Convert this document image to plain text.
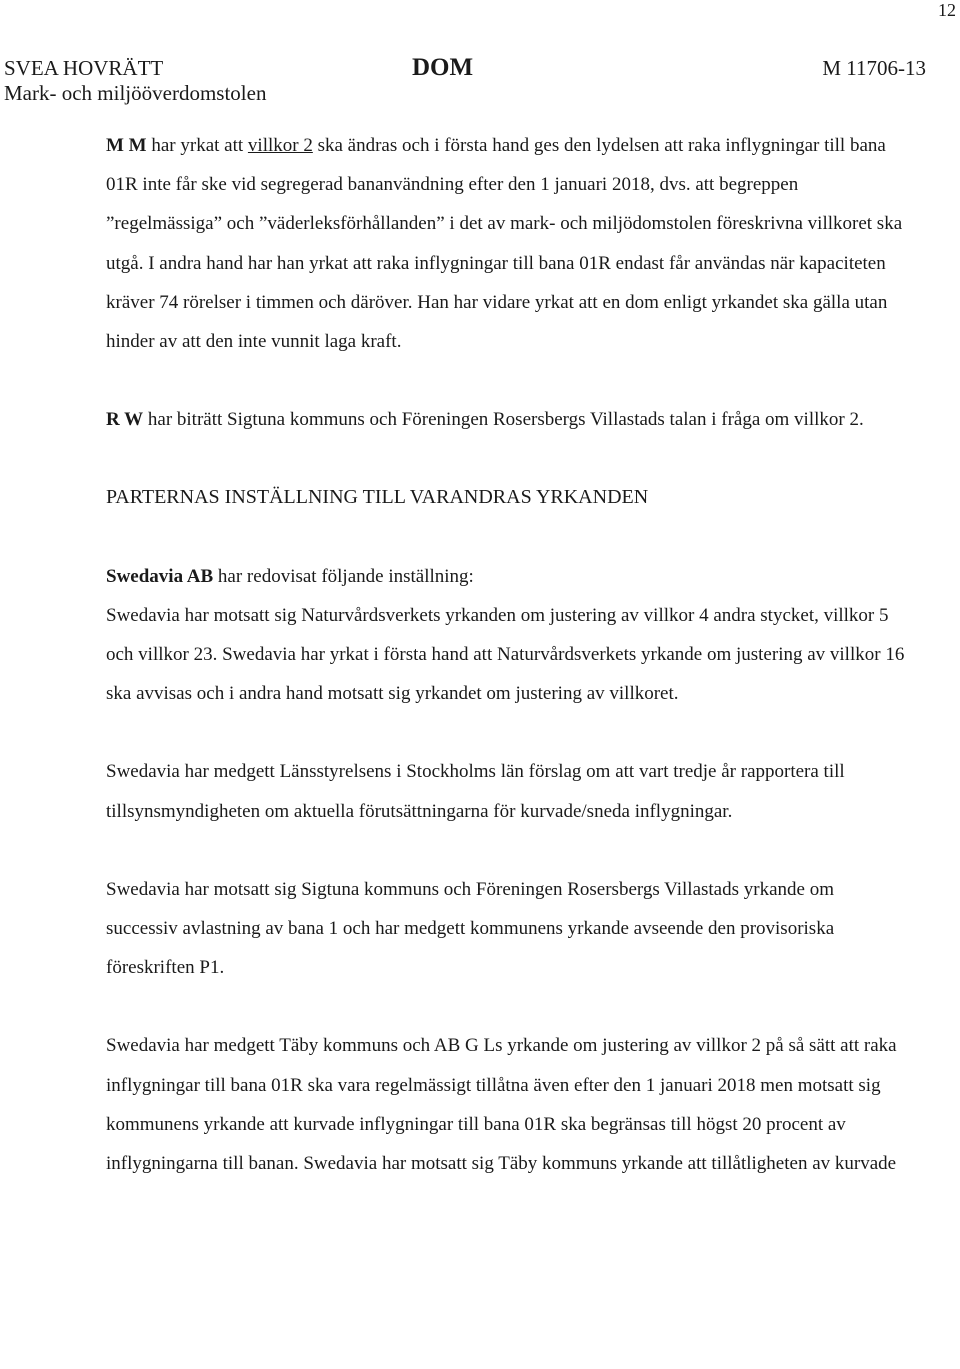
12
SVEA HOVRÄTT
Mark- och miljööverdomstolen
DOM	M 11706-13

M M har yrkat att villkor 2 ska ändras och i första hand ges den lydelsen att raka inflygningar till bana 01R inte får ske vid segregerad bananvändning efter den 1 januari 2018, dvs. att begreppen ”regelmässiga” och ”väderleksförhållanden” i det av mark- och miljödomstolen föreskrivna villkoret ska utgå. I andra hand har han yrkat att raka inflygningar till bana 01R endast får användas när kapaciteten kräver 74 rörelser i timmen och däröver. Han har vidare yrkat att en dom enligt yrkandet ska gälla utan hinder av att den inte vunnit laga kraft.

R W har biträtt Sigtuna kommuns och Föreningen Rosersbergs Villastads talan i fråga om villkor 2.

PARTERNAS INSTÄLLNING TILL VARANDRAS YRKANDEN

Swedavia AB har redovisat följande inställning:

Swedavia har motsatt sig Naturvårdsverkets yrkanden om justering av villkor 4 andra stycket, villkor 5 och villkor 23. Swedavia har yrkat i första hand att Naturvårdsverkets yrkande om justering av villkor 16 ska avvisas och i andra hand motsatt sig yrkandet om justering av villkoret.

Swedavia har medgett Länsstyrelsens i Stockholms län förslag om att vart tredje år rapportera till tillsynsmyndigheten om aktuella förutsättningarna för kurvade/sneda inflygningar.

Swedavia har motsatt sig Sigtuna kommuns och Föreningen Rosersbergs Villastads yrkande om successiv avlastning av bana 1 och har medgett kommunens yrkande avseende den provisoriska föreskriften P1.

Swedavia har medgett Täby kommuns och AB G Ls yrkande om justering av villkor 2 på så sätt att raka inflygningar till bana 01R ska vara regelmässigt tillåtna även efter den 1 januari 2018 men motsatt sig kommunens yrkande att kurvade inflygningar till bana 01R ska begränsas till högst 20 procent av inflygningarna till banan. Swedavia har motsatt sig Täby kommuns yrkande att tillåtligheten av kurvade
